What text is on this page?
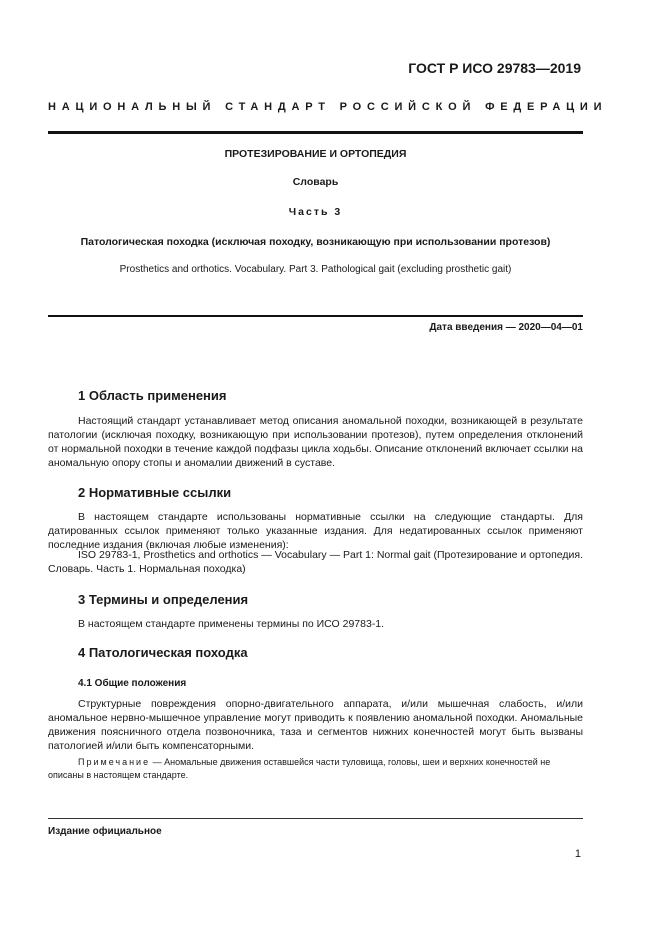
ГОСТ Р ИСО 29783—2019
НАЦИОНАЛЬНЫЙ СТАНДАРТ РОССИЙСКОЙ ФЕДЕРАЦИИ
ПРОТЕЗИРОВАНИЕ И ОРТОПЕДИЯ
Словарь
Часть 3
Патологическая походка (исключая походку, возникающую при использовании протезов)
Prosthetics and orthotics. Vocabulary. Part 3. Pathological gait (excluding prosthetic gait)
Дата введения — 2020—04—01
1 Область применения

Настоящий стандарт устанавливает метод описания аномальной походки, возникающей в результате патологии (исключая походку, возникающую при использовании протезов), путем определения отклонений от нормальной походки в течение каждой подфазы цикла ходьбы. Описание отклонений включает ссылки на аномальную опору стопы и аномалии движений в суставе.

2 Нормативные ссылки

В настоящем стандарте использованы нормативные ссылки на следующие стандарты. Для датированных ссылок применяют только указанные издания. Для недатированных ссылок применяют последние издания (включая любые изменения):

ISO 29783-1, Prosthetics and orthotics — Vocabulary — Part 1: Normal gait (Протезирование и ортопедия. Словарь. Часть 1. Нормальная походка)

3 Термины и определения

В настоящем стандарте применены термины по ИСО 29783-1.

4 Патологическая походка
4.1 Общие положения

Структурные повреждения опорно-двигательного аппарата, и/или мышечная слабость, и/или аномальное нервно-мышечное управление могут приводить к появлению аномальной походки. Аномальные движения поясничного отдела позвоночника, таза и сегментов нижних конечностей могут быть вызваны патологией и/или быть компенсаторными.

Примечание — Аномальные движения оставшейся части туловища, головы, шеи и верхних конечностей не описаны в настоящем стандарте.

Издание официальное
1
